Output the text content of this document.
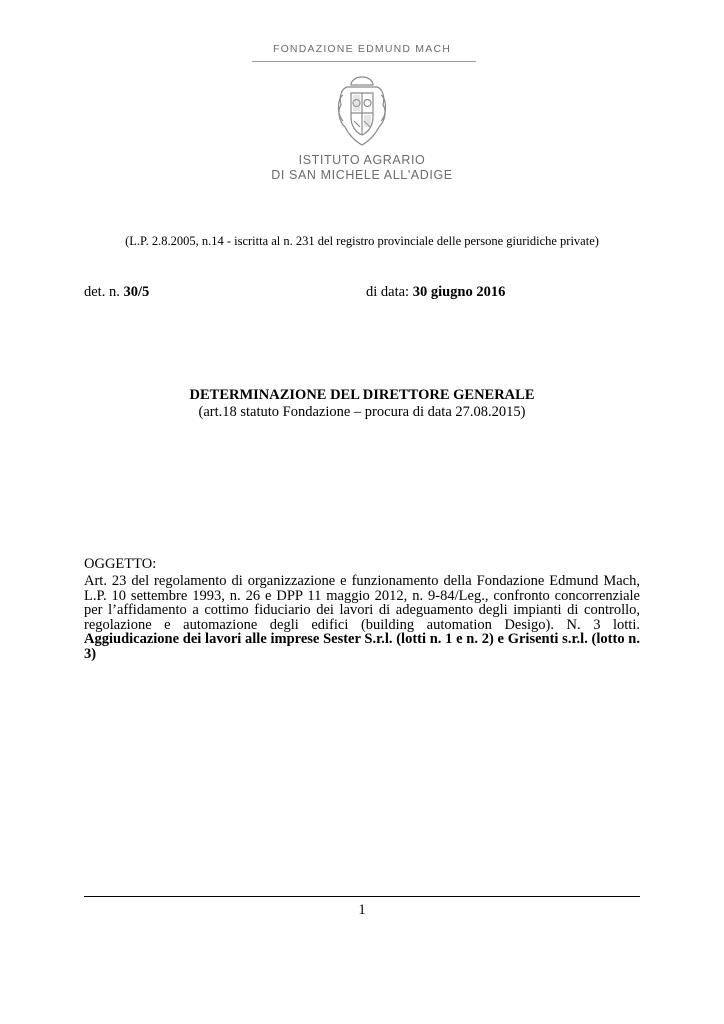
FONDAZIONE EDMUND MACH
ISTITUTO AGRARIO
DI SAN MICHELE ALL'ADIGE
(L.P. 2.8.2005, n.14 - iscritta al n. 231 del registro provinciale delle persone giuridiche private)
det. n. 30/5	di data: 30 giugno 2016
DETERMINAZIONE DEL DIRETTORE GENERALE
(art.18 statuto Fondazione – procura di data 27.08.2015)
OGGETTO:
Art. 23 del regolamento di organizzazione e funzionamento della Fondazione Edmund Mach, L.P. 10 settembre 1993, n. 26 e DPP 11 maggio 2012, n. 9-84/Leg., confronto concorrenziale per l’affidamento a cottimo fiduciario dei lavori di adeguamento degli impianti di controllo, regolazione e automazione degli edifici (building automation Desigo). N. 3 lotti. Aggiudicazione dei lavori alle imprese Sester S.r.l. (lotti n. 1 e n. 2) e Grisenti s.r.l. (lotto n. 3)
1
